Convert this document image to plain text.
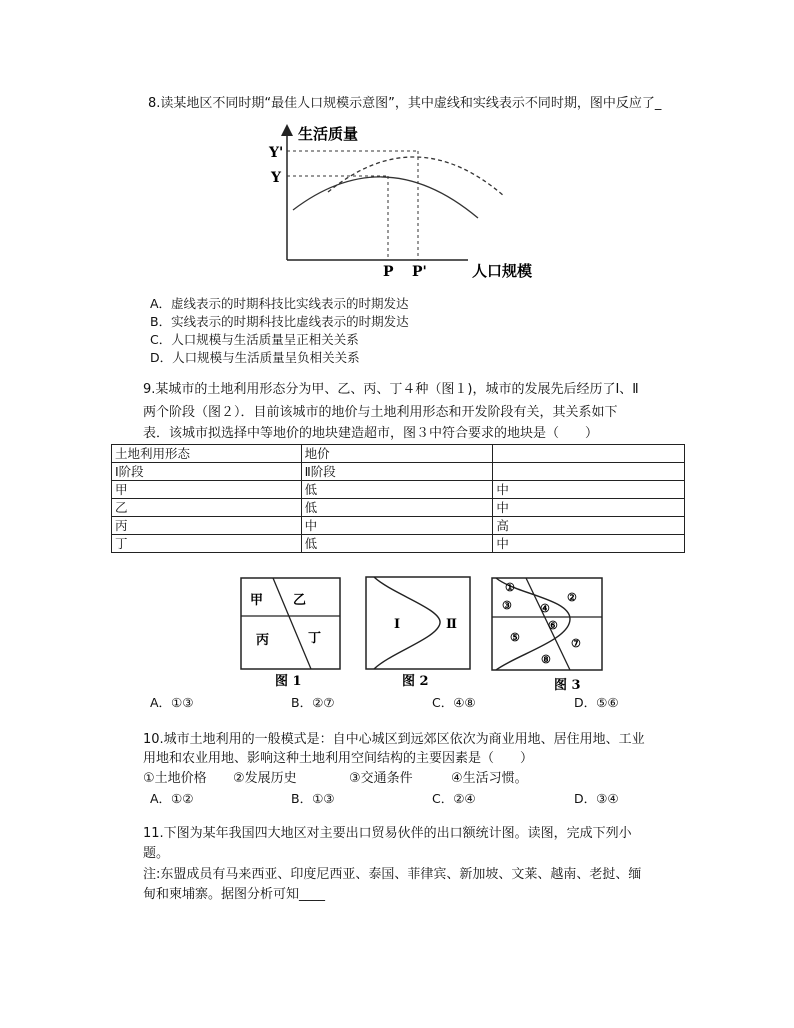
8.读某地区不同时期“最佳人口规模示意图”，其中虚线和实线表示不同时期，图中反应了_
生活质量
人口规模
Y'
Y
P P'
A．虚线表示的时期科技比实线表示的时期发达
B．实线表示的时期科技比虚线表示的时期发达
C．人口规模与生活质量呈正相关关系
D．人口规模与生活质量呈负相关关系
9.某城市的土地利用形态分为甲、乙、丙、丁４种（图１)，城市的发展先后经历了Ⅰ、Ⅱ
两个阶段（图２）．目前该城市的地价与土地利用形态和开发阶段有关，其关系如下
表．该城市拟选择中等地价的地块建造超市，图３中符合要求的地块是（　　）
土地利用形态	地价	
Ⅰ阶段	Ⅱ阶段	
甲	低	中
乙	低	中
丙	中	高
丁	低	中
甲 乙
丙	丁
图 1
Ⅰ	Ⅱ
图 2
①
②
③	④
⑤
⑥
⑦
⑧
图 3
A．①③	B．②⑦	C．④⑧	D．⑤⑥
10.城市土地利用的一般模式是：自中心城区到远郊区依次为商业用地、居住用地、工业
用地和农业用地、影响这种土地利用空间结构的主要因素是（　　）
①土地价格 ②发展历史	③交通条件	④生活习惯。
A．①②	B．①③	C．②④	D．③④
11.下图为某年我国四大地区对主要出口贸易伙伴的出口额统计图。读图，完成下列小
题。
注:东盟成员有马来西亚、印度尼西亚、泰国、菲律宾、新加坡、文莱、越南、老挝、缅
甸和柬埔寨。据图分析可知____
